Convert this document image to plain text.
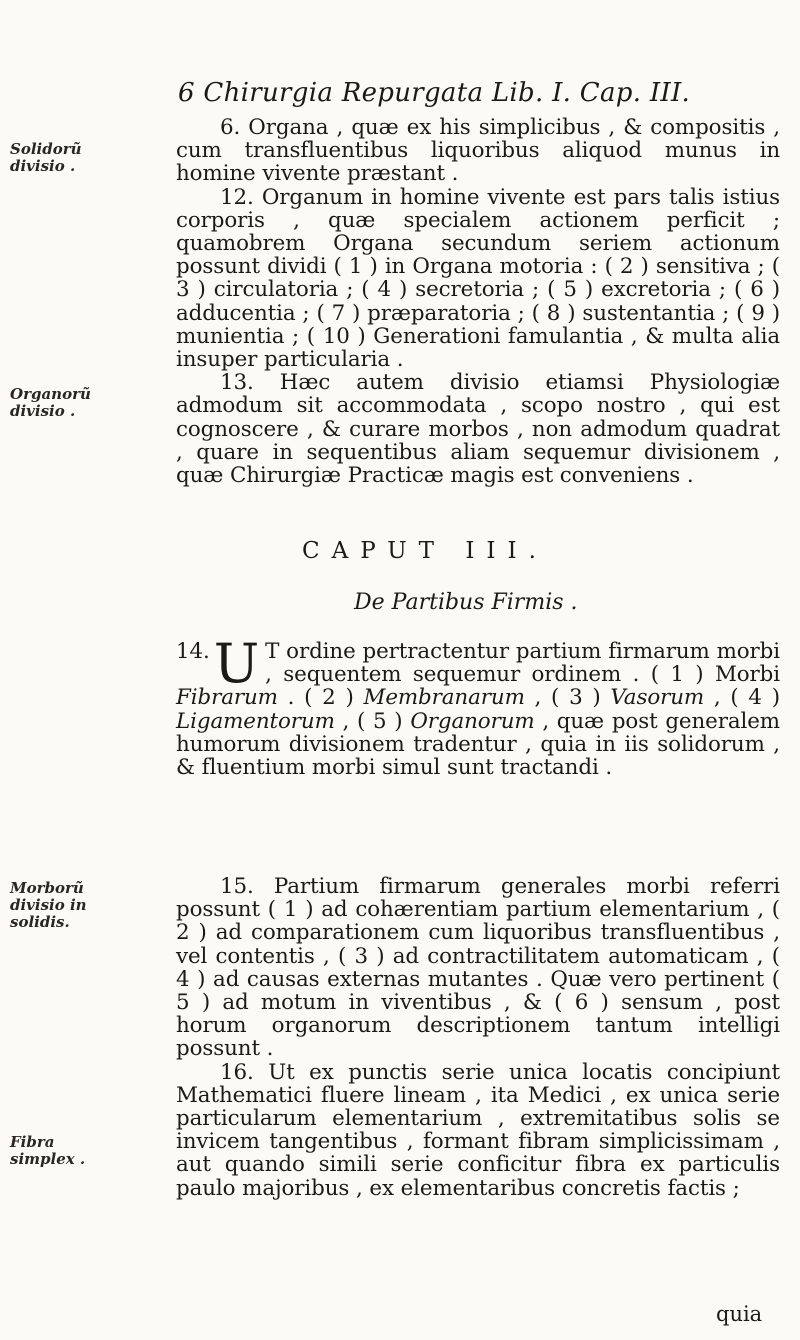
6 Chirurgia Repurgata Lib. I. Cap. III.

6. Organa , quæ ex his simplicibus , & compositis , cum transfluentibus liquoribus aliquod munus in homine vivente præstant .

12. Organum in homine vivente est pars talis istius corporis , quæ specialem actionem perficit ; quamobrem Organa secundum seriem actionum possunt dividi ( 1 ) in Organa motoria : ( 2 ) sensitiva ; ( 3 ) circulatoria ; ( 4 ) secretoria ; ( 5 ) excretoria ; ( 6 ) adducentia ; ( 7 ) præparatoria ; ( 8 ) sustentantia ; ( 9 ) munientia ; ( 10 ) Generationi famulantia , & multa alia insuper particularia .

13. Hæc autem divisio etiamsi Physiologiæ admodum sit accommodata , scopo nostro , qui est cognoscere , & curare morbos , non admodum quadrat , quare in sequentibus aliam sequemur divisionem , quæ Chirurgiæ Practicæ magis est conveniens .

CAPUT III.
De Partibus Firmis .

14. U T ordine pertractentur partium firmarum morbi , sequentem sequemur ordinem . ( 1 ) Morbi Fibrarum . ( 2 ) Membranarum , ( 3 ) Vasorum , ( 4 ) Ligamentorum , ( 5 ) Organorum , quæ post generalem humorum divisionem tradentur , quia in iis solidorum , & fluentium morbi simul sunt tractandi .

15. Partium firmarum generales morbi referri possunt ( 1 ) ad cohærentiam partium elementarium , ( 2 ) ad comparationem cum liquoribus transfluentibus , vel contentis , ( 3 ) ad contractilitatem automaticam , ( 4 ) ad causas externas mutantes . Quæ vero pertinent ( 5 ) ad motum in viventibus , & ( 6 ) sensum , post horum organorum descriptionem tantum intelligi possunt .

16. Ut ex punctis serie unica locatis concipiunt Mathematici fluere lineam , ita Medici , ex unica serie particularum elementarium , extremitatibus solis se invicem tangentibus , formant fibram simplicissimam , aut quando simili serie conficitur fibra ex particulis paulo majoribus , ex elementaribus concretis factis ;

quia
Solidorũ divisio .
Organorũ divisio .
Morborũ divisio in solidis.
Fibra simplex .
